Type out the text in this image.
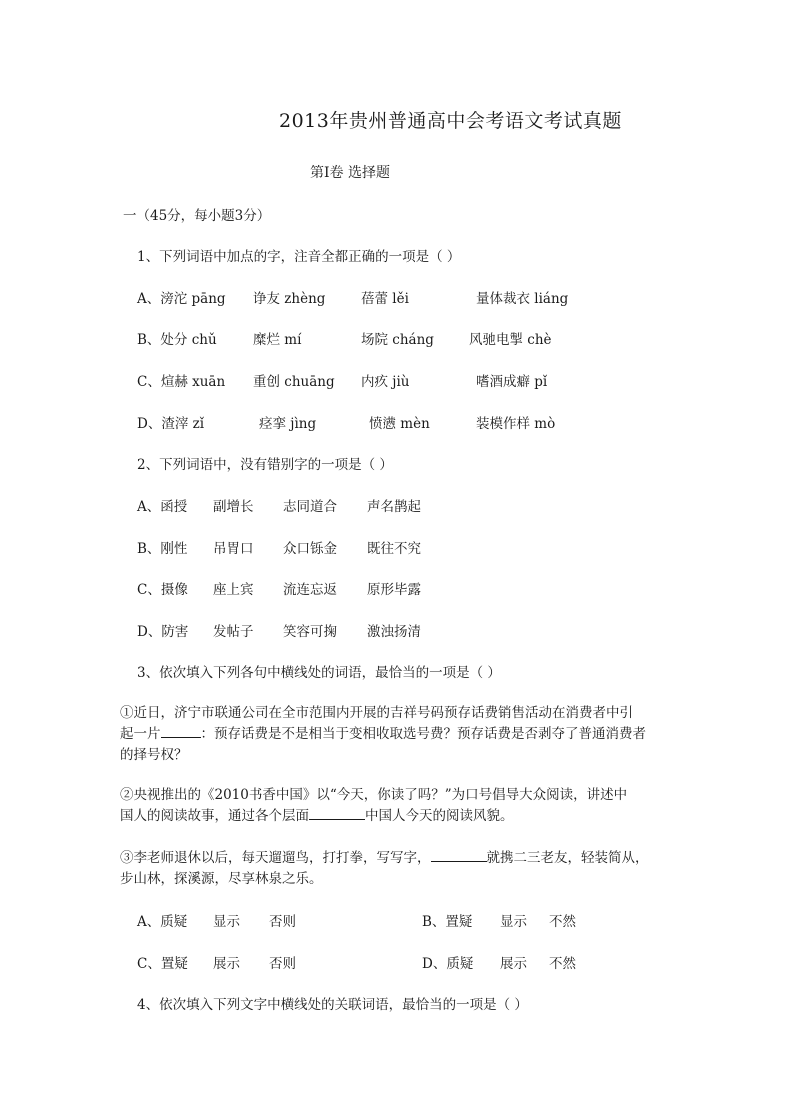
2013年贵州普通高中会考语文考试真题
第Ⅰ卷 选择题
一（45分，每小题3分）
1、下列词语中加点的字，注音全都正确的一项是（ ）
A、滂沱 pāng 诤友 zhèng	蓓蕾 lěi	量体裁衣 liáng
B、处分 chǔ	糜烂 mí	场院 cháng	风驰电掣 chè
C、煊赫 xuān 重创 chuāng 内疚 jiù	嗜酒成癖 pǐ
D、渣滓 zǐ	痉挛 jìng	愤懑 mèn	装模作样 mò
2、下列词语中，没有错别字的一项是（ ）
A、函授 副增长 志同道合 声名鹊起
B、刚性 吊胃口 众口铄金 既往不究
C、摄像 座上宾 流连忘返 原形毕露
D、防害 发帖子 笑容可掬 激浊扬清
3、依次填入下列各句中横线处的词语，最恰当的一项是（ ）
①近日，济宁市联通公司在全市范围内开展的吉祥号码预存话费销售活动在消费者中引
起一片	：预存话费是不是相当于变相收取选号费？预存话费是否剥夺了普通消费者
的择号权？
②央视推出的《2010书香中国》以“今天，你读了吗？”为口号倡导大众阅读，讲述中
国人的阅读故事，通过各个层面	中国人今天的阅读风貌。
③李老师退休以后，每天遛遛鸟，打打拳，写写字，	就携二三老友，轻装简从，
步山林，探溪源，尽享林泉之乐。
A、质疑 显示 否则	B、置疑 显示 不然
C、置疑 展示 否则	D、质疑 展示 不然
4、依次填入下列文字中横线处的关联词语，最恰当的一项是（ ）
